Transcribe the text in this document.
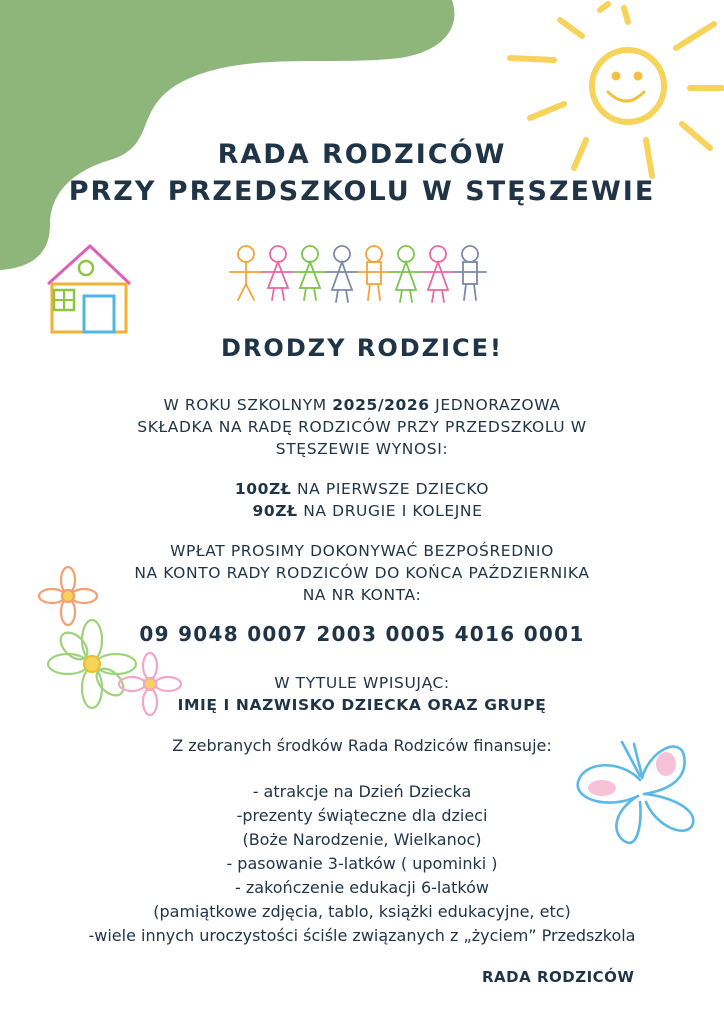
RADA RODZICÓW
PRZY PRZEDSZKOLU W STĘSZEWIE
DRODZY RODZICE!
W ROKU SZKOLNYM 2025/2026 JEDNORAZOWA
SKŁADKA NA RADĘ RODZICÓW PRZY PRZEDSZKOLU W
STĘSZEWIE WYNOSI:
100ZŁ NA PIERWSZE DZIECKO
90ZŁ NA DRUGIE I KOLEJNE
WPŁAT PROSIMY DOKONYWAĆ BEZPOŚREDNIO
NA KONTO RADY RODZICÓW DO KOŃCA PAŹDZIERNIKA
NA NR KONTA:
09 9048 0007 2003 0005 4016 0001
W TYTULE WPISUJĄC:
IMIĘ I NAZWISKO DZIECKA ORAZ GRUPĘ
Z zebranych środków Rada Rodziców finansuje:
- atrakcje na Dzień Dziecka
-prezenty świąteczne dla dzieci
(Boże Narodzenie, Wielkanoc)
- pasowanie 3-latków ( upominki )
- zakończenie edukacji 6-latków
(pamiątkowe zdjęcia, tablo, książki edukacyjne, etc)
-wiele innych uroczystości ściśle związanych z „życiem” Przedszkola
RADA RODZICÓW
